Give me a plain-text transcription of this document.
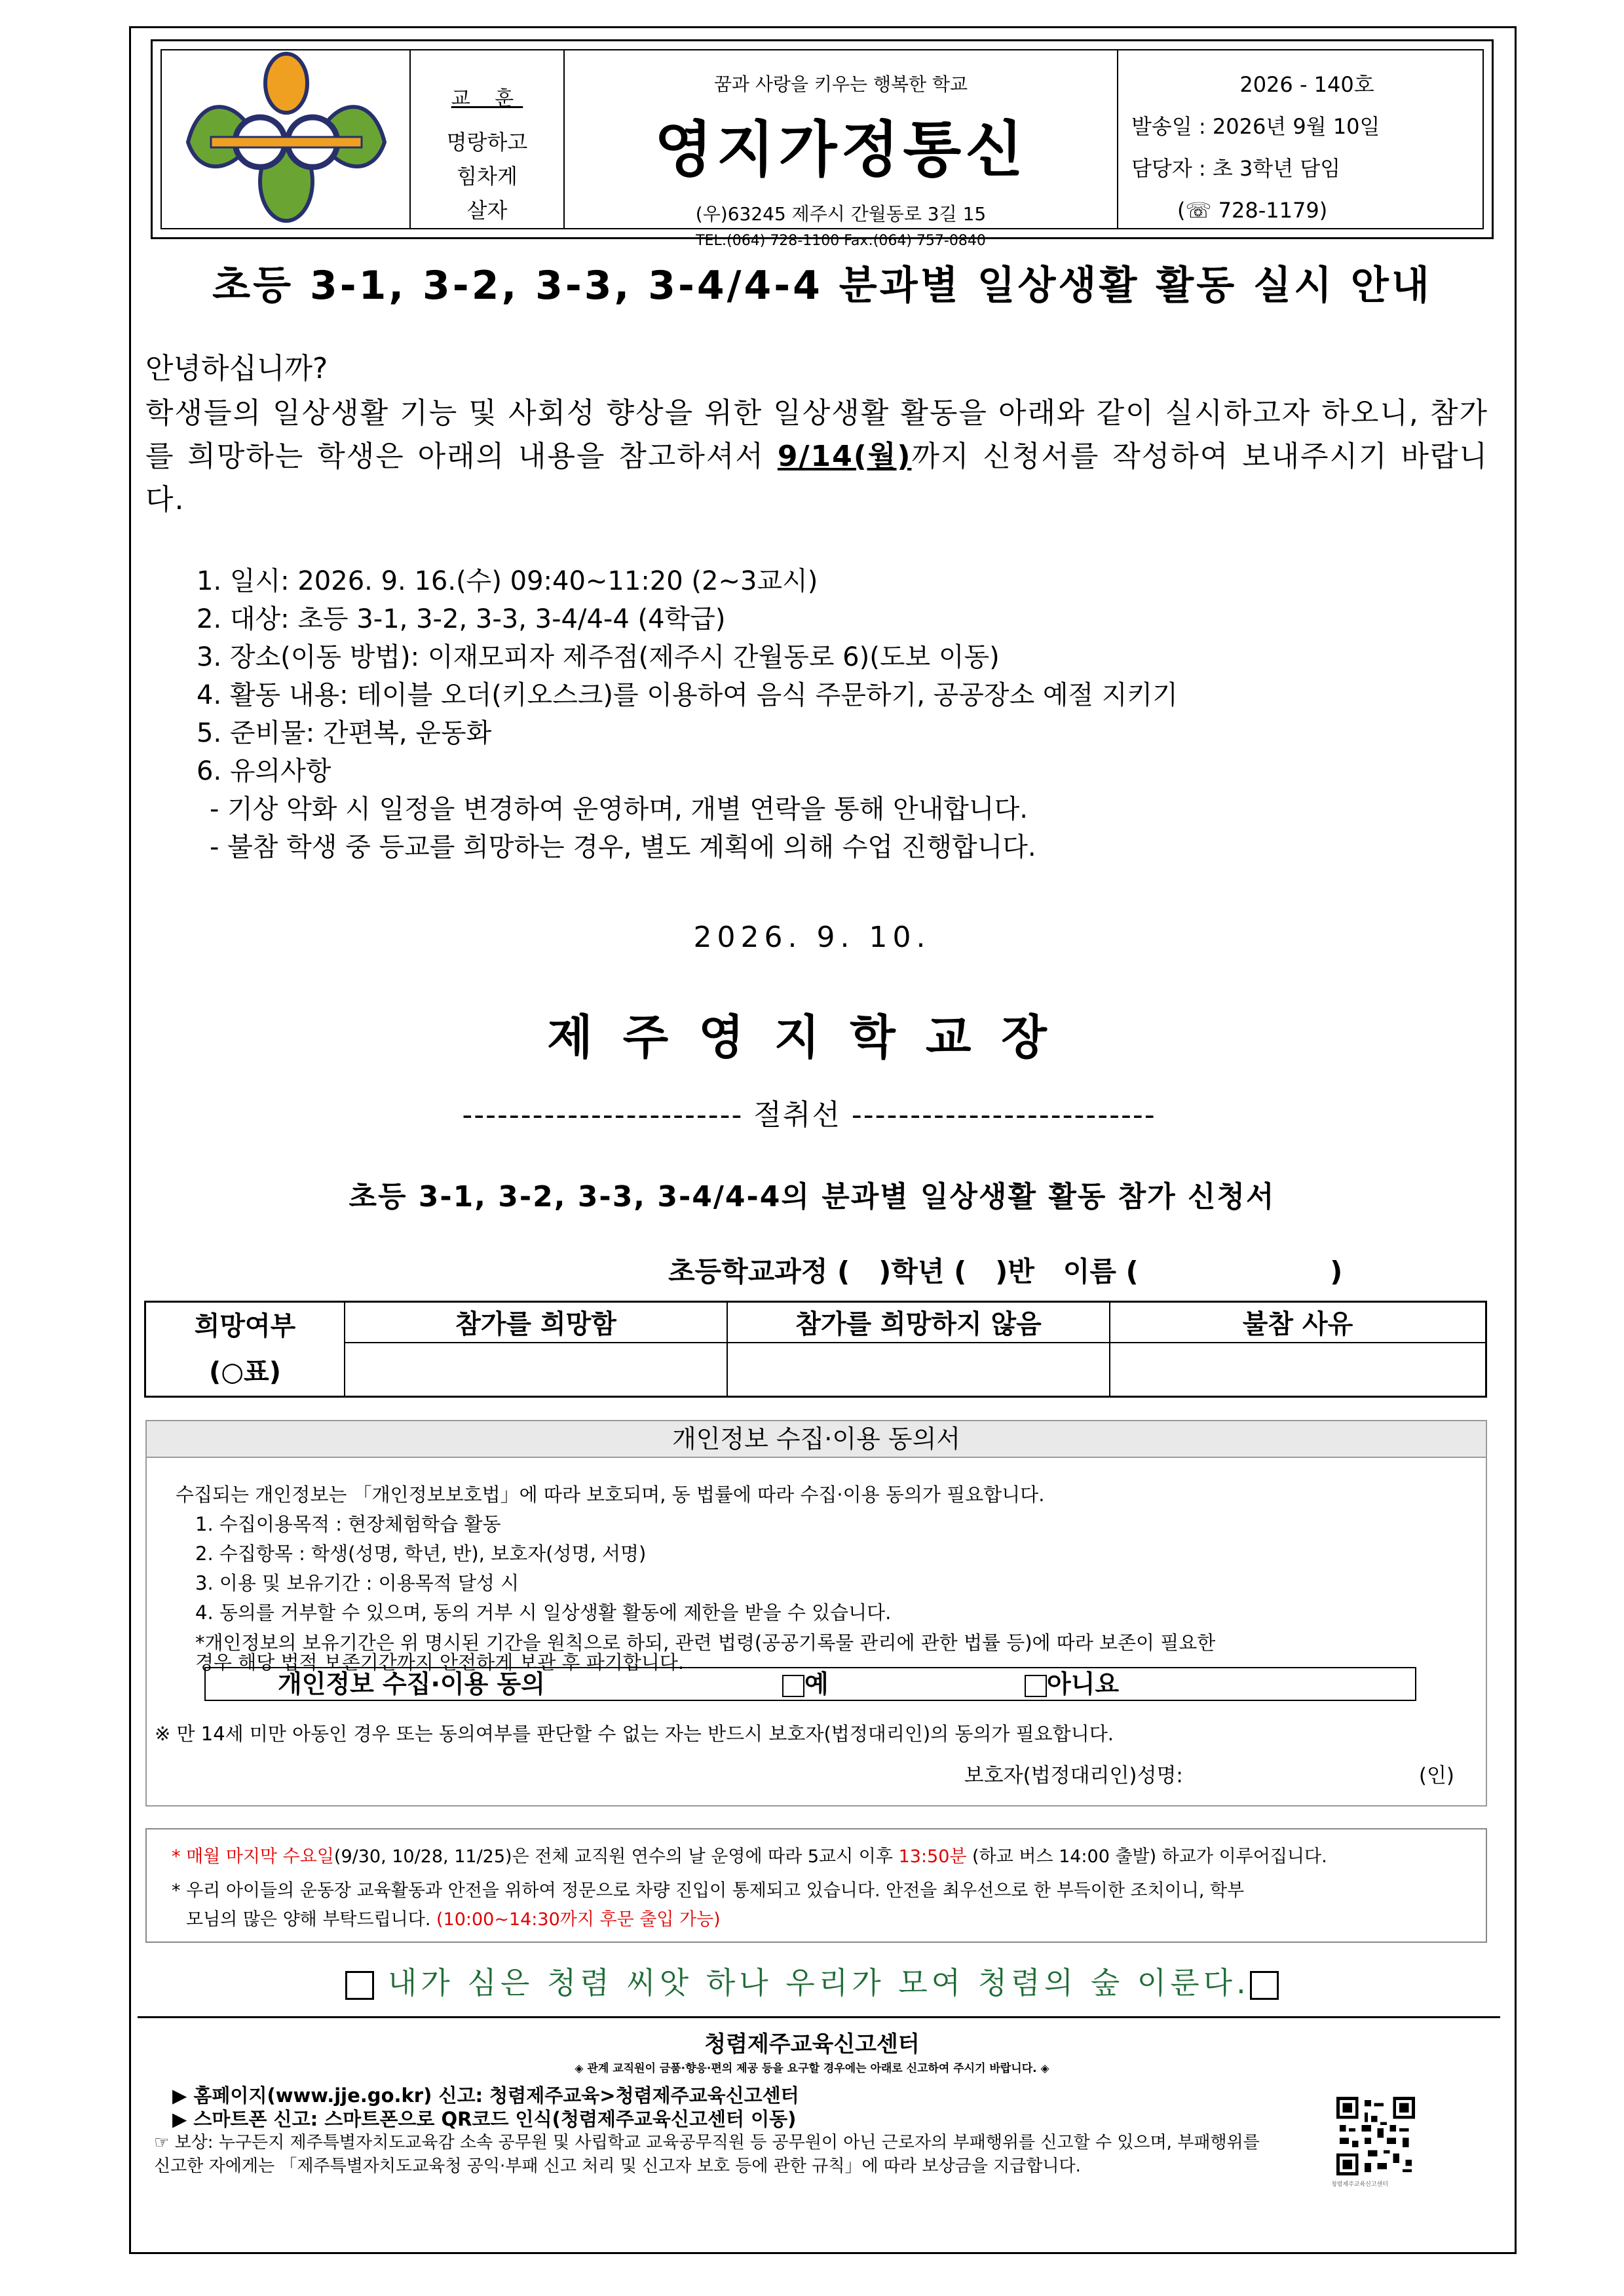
교 훈
명랑하고
힘차게
살자
꿈과 사랑을 키우는 행복한 학교
영지가정통신
(우)63245 제주시 간월동로 3길 15
TEL:(064) 728-1100 Fax:(064) 757-0840
2026 - 140호
발송일 : 2026년 9월 10일
담당자 : 초 3학년 담임
(☏ 728-1179)
초등 3-1, 3-2, 3-3, 3-4/4-4 분과별 일상생활 활동 실시 안내
안녕하십니까?
학생들의 일상생활 기능 및 사회성 향상을 위한 일상생활 활동을 아래와 같이 실시하고자 하오니, 참가를 희망하는 학생은 아래의 내용을 참고하셔서 9/14(월)까지 신청서를 작성하여 보내주시기 바랍니다.
1. 일시: 2026. 9. 16.(수) 09:40~11:20 (2~3교시)
2. 대상: 초등 3-1, 3-2, 3-3, 3-4/4-4 (4학급)
3. 장소(이동 방법): 이재모피자 제주점(제주시 간월동로 6)(도보 이동)
4. 활동 내용: 테이블 오더(키오스크)를 이용하여 음식 주문하기, 공공장소 예절 지키기
5. 준비물: 간편복, 운동화
6. 유의사항
- 기상 악화 시 일정을 변경하여 운영하며, 개별 연락을 통해 안내합니다.
- 불참 학생 중 등교를 희망하는 경우, 별도 계획에 의해 수업 진행합니다.
2026. 9. 10.
제주영지학교장
------------------------ 절취선 --------------------------
초등 3-1, 3-2, 3-3, 3-4/4-4의 분과별 일상생활 활동 참가 신청서
초등학교과정 (   )학년 (   )반   이름 (                    )
희망여부
(○표)	참가를 희망함	참가를 희망하지 않음	불참 사유

개인정보 수집·이용 동의서
수집되는 개인정보는 「개인정보보호법」에 따라 보호되며, 동 법률에 따라 수집·이용 동의가 필요합니다.
1. 수집이용목적 : 현장체험학습 활동
2. 수집항목 : 학생(성명, 학년, 반), 보호자(성명, 서명)
3. 이용 및 보유기간 : 이용목적 달성 시
4. 동의를 거부할 수 있으며, 동의 거부 시 일상생활 활동에 제한을 받을 수 있습니다.
*개인정보의 보유기간은 위 명시된 기간을 원칙으로 하되, 관련 법령(공공기록물 관리에 관한 법률 등)에 따라 보존이 필요한
경우 해당 법적 보존기간까지 안전하게 보관 후 파기합니다.
개인정보 수집·이용 동의	예	아니요
※ 만 14세 미만 아동인 경우 또는 동의여부를 판단할 수 없는 자는 반드시 보호자(법정대리인)의 동의가 필요합니다.
보호자(법정대리인)성명:	(인)
* 매월 마지막 수요일(9/30, 10/28, 11/25)은 전체 교직원 연수의 날 운영에 따라 5교시 이후 13:50분 (하교 버스 14:00 출발) 하교가 이루어집니다.
* 우리 아이들의 운동장 교육활동과 안전을 위하여 정문으로 차량 진입이 통제되고 있습니다. 안전을 최우선으로 한 부득이한 조치이니, 학부
모님의 많은 양해 부탁드립니다. (10:00~14:30까지 후문 출입 가능)
내가 심은 청렴 씨앗 하나 우리가 모여 청렴의 숲 이룬다.
청렴제주교육신고센터
◈ 관계 교직원이 금품·향응·편의 제공 등을 요구할 경우에는 아래로 신고하여 주시기 바랍니다. ◈
▶ 홈페이지(www.jje.go.kr) 신고: 청렴제주교육>청렴제주교육신고센터
▶ 스마트폰 신고: 스마트폰으로 QR코드 인식(청렴제주교육신고센터 이동)
☞ 보상: 누구든지 제주특별자치도교육감 소속 공무원 및 사립학교 교육공무직원 등 공무원이 아닌 근로자의 부패행위를 신고할 수 있으며, 부패행위를 신고한 자에게는 「제주특별자치도교육청 공익·부패 신고 처리 및 신고자 보호 등에 관한 규칙」에 따라 보상금을 지급합니다.
청렴제주교육신고센터
